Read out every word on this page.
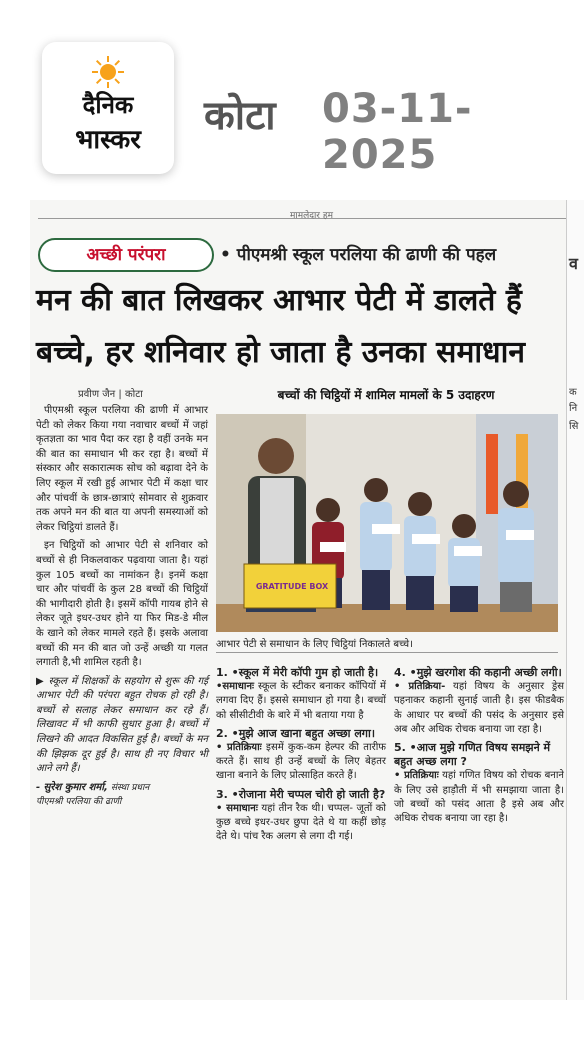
दैनिक
भास्कर
कोटा 03-11-2025
मामलेदार हम
अच्छी परंपरा	• पीएमश्री स्कूल परलिया की ढाणी की पहल
मन की बात लिखकर आभार पेटी में डालते हैं
बच्चे, हर शनिवार हो जाता है उनका समाधान
प्रवीण जैन | कोटा

पीएमश्री स्कूल परलिया की ढाणी में आभार पेटी को लेकर किया गया नवाचार बच्चों में जहां कृतज्ञता का भाव पैदा कर रहा है वहीं उनके मन की बात का समाधान भी कर रहा है। बच्चों में संस्कार और सकारात्मक सोच को बढ़ावा देने के लिए स्कूल में रखी हुई आभार पेटी में कक्षा चार और पांचवीं के छात्र-छात्राएं सोमवार से शुक्रवार तक अपने मन की बात या अपनी समस्याओं को लेकर चिट्ठियां डालते हैं।

इन चिट्ठियों को आभार पेटी से शनिवार को बच्चों से ही निकलवाकर पढ़वाया जाता है। यहां कुल 105 बच्चों का नामांकन है। इनमें कक्षा चार और पांचवीं के कुल 28 बच्चों की चिट्ठियों की भागीदारी होती है। इसमें कॉपी गायब होने से लेकर जूते इधर-उधर होने या फिर मिड-डे मील के खाने को लेकर मामले रहते हैं। इसके अलावा बच्चों की मन की बात जो उन्हें अच्छी या गलत लगाती है,भी शामिल रहती है।

▶ स्कूल में शिक्षकों के सहयोग से शुरू की गई आभार पेटी की परंपरा बहुत रोचक हो रही है। बच्चों से सलाह लेकर समाधान कर रहे हैं। लिखावट में भी काफी सुधार हुआ है। बच्चों में लिखने की आदत विकसित हुई है। बच्चों के मन की झिझक दूर हुई है। साथ ही नए विचार भी आने लगे हैं।

- सुरेश कुमार शर्मा, संस्था प्रधान
पीएमश्री परलिया की ढाणी

बच्चों की चिट्ठियों में शामिल मामलों के 5 उदाहरण
GRATITUDE BOX
आभार पेटी से समाधान के लिए चिट्ठियां निकालते बच्चे।
1. •स्कूल में मेरी कॉपी गुम हो जाती है।
•समाधानः स्कूल के स्टीकर बनाकर कॉपियों में लगवा दिए हैं। इससे समाधान हो गया है। बच्चों को सीसीटीवी के बारे में भी बताया गया है
2. •मुझे आज खाना बहुत अच्छा लगा।
• प्रतिक्रियाः इसमें कुक-कम हेल्पर की तारीफ करते हैं। साथ ही उन्हें बच्चों के लिए बेहतर खाना बनाने के लिए प्रोत्साहित करते हैं।
3. •रोजाना मेरी चप्पल चोरी हो जाती है?
• समाधानः यहां तीन रैक थी। चप्पल- जूतों को कुछ बच्चे इधर-उधर छुपा देते थे या कहीं छोड़ देते थे। पांच रैक अलग से लगा दी गई।
4. •मुझे खरगोश की कहानी अच्छी लगी।
• प्रतिक्रिया- यहां विषय के अनुसार ड्रेस पहनाकर कहानी सुनाई जाती है। इस फीडबैक के आधार पर बच्चों की पसंद के अनुसार इसे अब और अधिक रोचक बनाया जा रहा है।
5. •आज मुझे गणित विषय समझने में बहुत अच्छ लगा ?
• प्रतिक्रियाः यहां गणित विषय को रोचक बनाने के लिए उसे हाड़ौती में भी समझाया जाता है। जो बच्चों को पसंद आता है इसे अब और अधिक रोचक बनाया जा रहा है।
व
क
नि
सि
